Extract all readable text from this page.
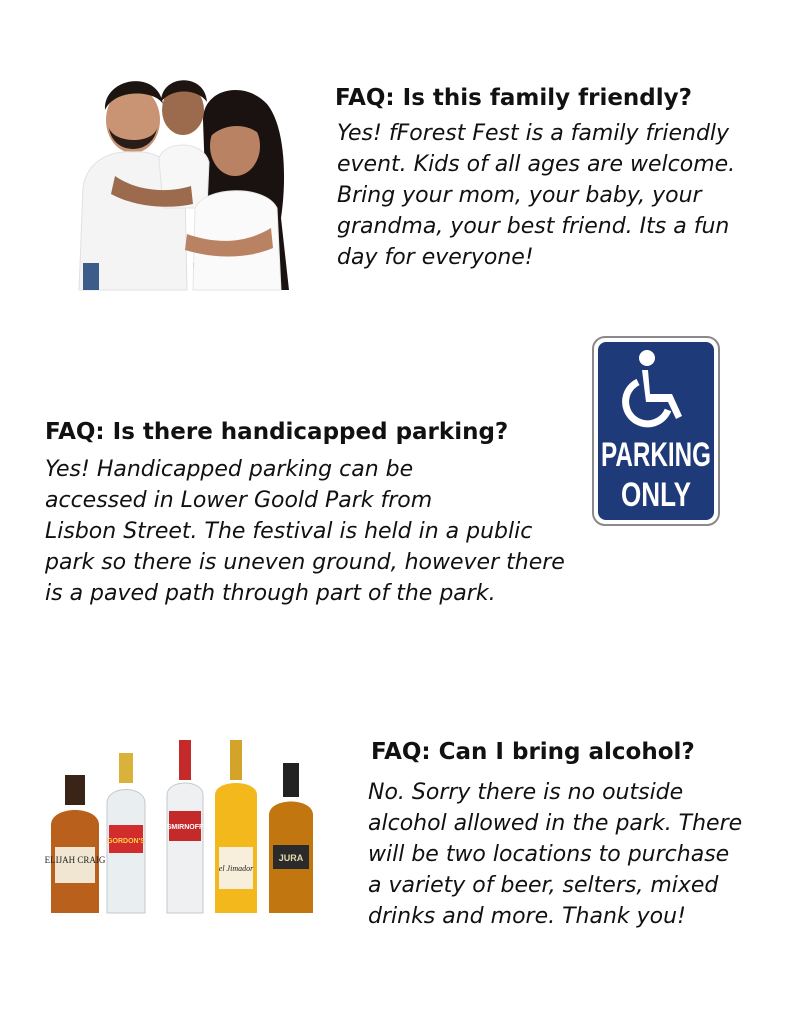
FAQ: Is this family friendly?
Yes! fForest Fest is a family friendly
event. Kids of all ages are welcome.
Bring your mom, your baby, your
grandma, your best friend. Its a fun
day for everyone!
PARKING
ONLY
FAQ: Is there handicapped parking?
Yes! Handicapped parking can be
accessed in Lower Goold Park from
Lisbon Street. The festival is held in a public
park so there is uneven ground, however there
is a paved path through part of the park.
ELIJAH CRAIG
GORDON'S
SMIRNOFF
el Jimador
JURA
FAQ: Can I bring alcohol?
No. Sorry there is no outside
alcohol allowed in the park. There
will be two locations to purchase
a variety of beer, selters, mixed
drinks and more. Thank you!
